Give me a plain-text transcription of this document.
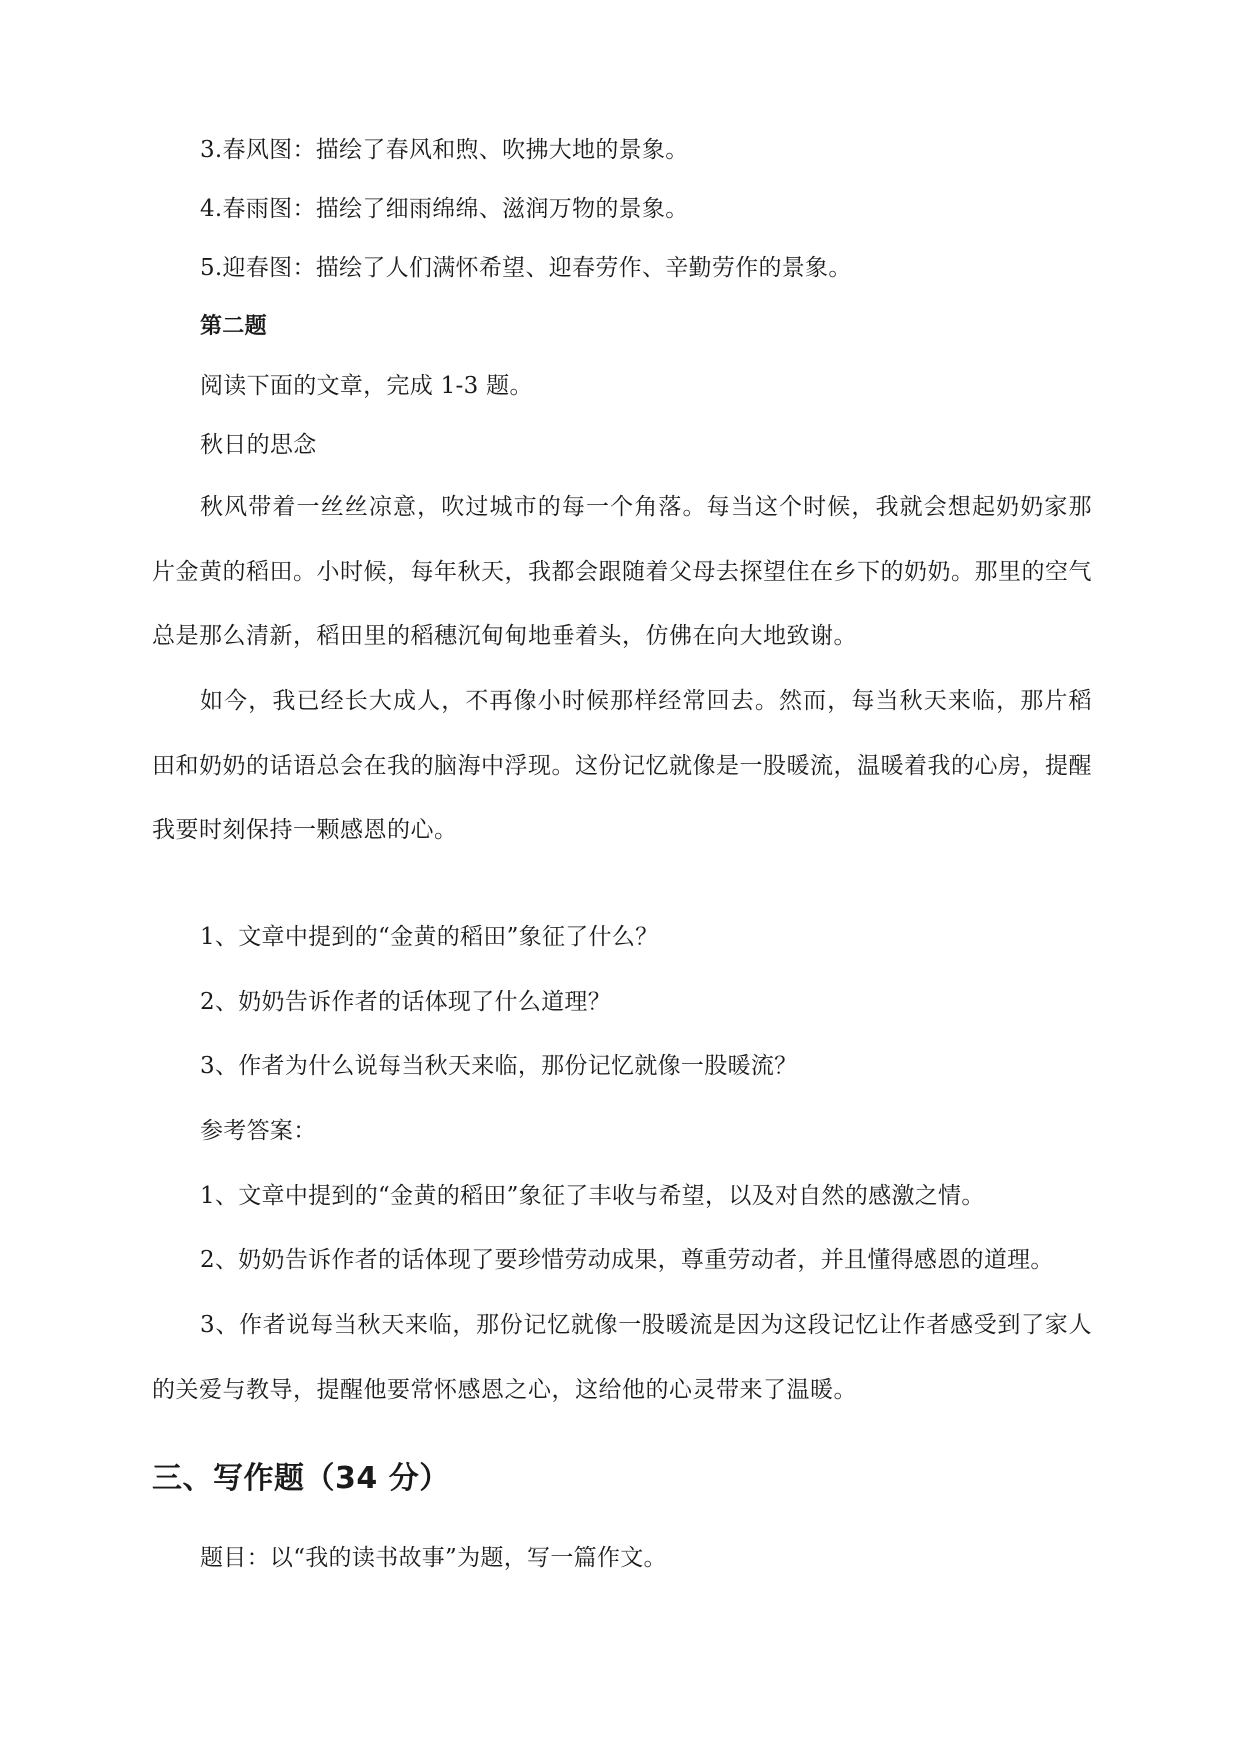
3.春风图：描绘了春风和煦、吹拂大地的景象。
4.春雨图：描绘了细雨绵绵、滋润万物的景象。
5.迎春图：描绘了人们满怀希望、迎春劳作、辛勤劳作的景象。
第二题
阅读下面的文章，完成 1-3 题。
秋日的思念
秋风带着一丝丝凉意，吹过城市的每一个角落。每当这个时候，我就会想起奶奶家那片金黄的稻田。小时候，每年秋天，我都会跟随着父母去探望住在乡下的奶奶。那里的空气总是那么清新，稻田里的稻穗沉甸甸地垂着头，仿佛在向大地致谢。
如今，我已经长大成人，不再像小时候那样经常回去。然而，每当秋天来临，那片稻田和奶奶的话语总会在我的脑海中浮现。这份记忆就像是一股暖流，温暖着我的心房，提醒我要时刻保持一颗感恩的心。
1、文章中提到的“金黄的稻田”象征了什么？
2、奶奶告诉作者的话体现了什么道理？
3、作者为什么说每当秋天来临，那份记忆就像一股暖流？
参考答案：
1、文章中提到的“金黄的稻田”象征了丰收与希望，以及对自然的感激之情。
2、奶奶告诉作者的话体现了要珍惜劳动成果，尊重劳动者，并且懂得感恩的道理。
3、作者说每当秋天来临，那份记忆就像一股暖流是因为这段记忆让作者感受到了家人的关爱与教导，提醒他要常怀感恩之心，这给他的心灵带来了温暖。
三、写作题（34 分）
题目：以“我的读书故事”为题，写一篇作文。
